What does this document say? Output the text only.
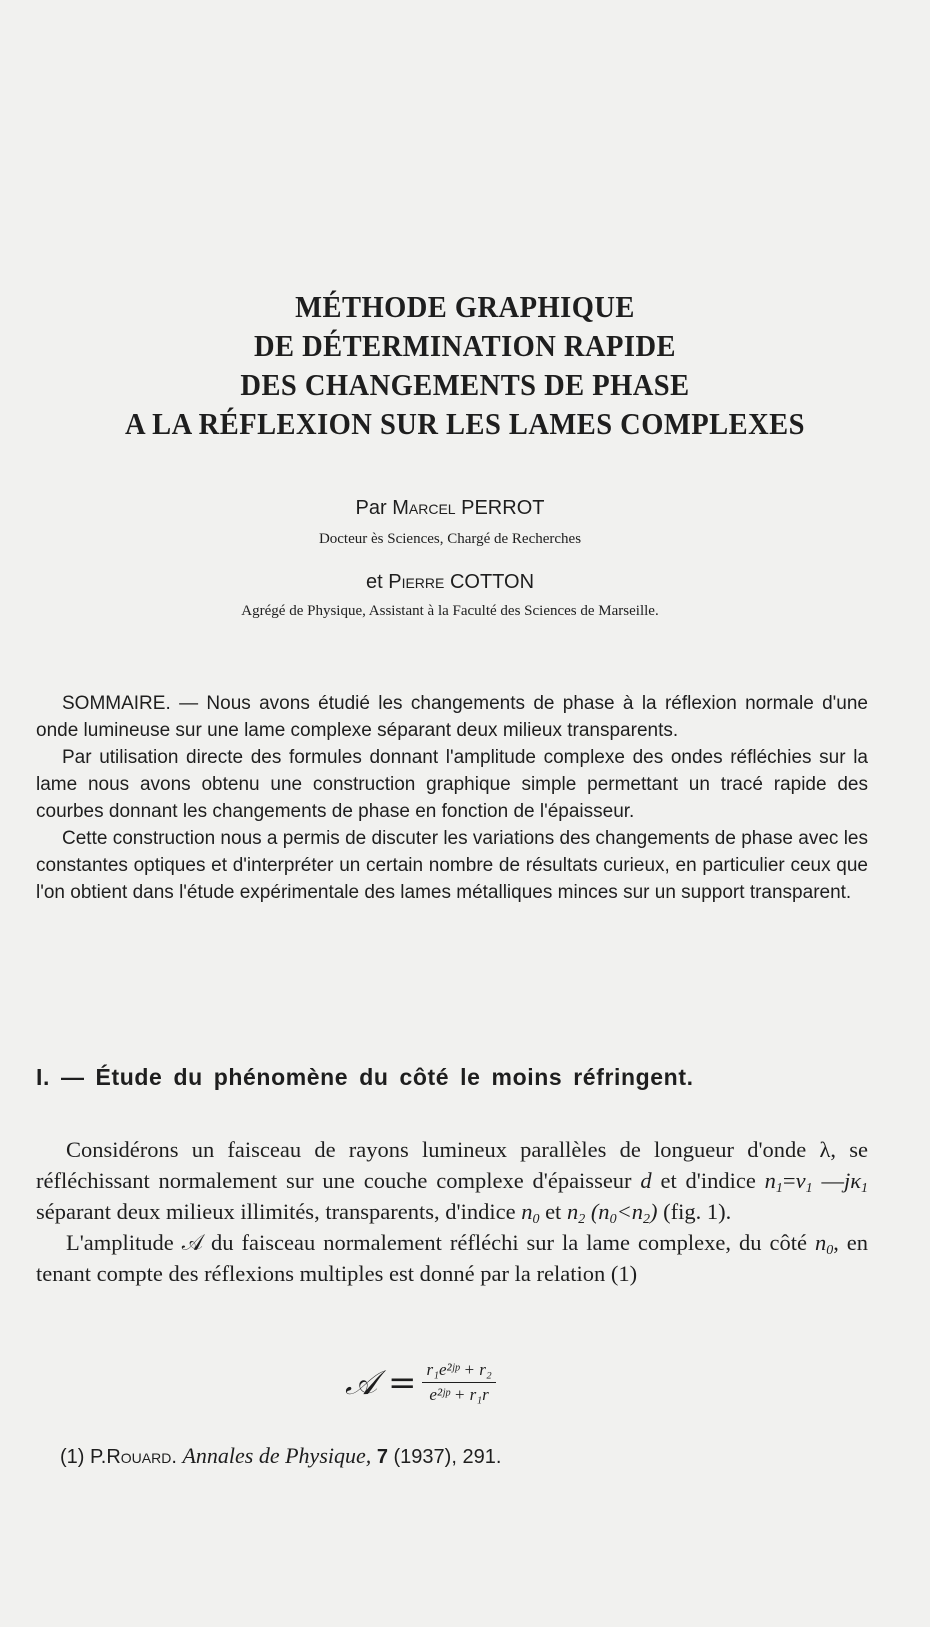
MÉTHODE GRAPHIQUE
DE DÉTERMINATION RAPIDE
DES CHANGEMENTS DE PHASE
A LA RÉFLEXION SUR LES LAMES COMPLEXES
Par Marcel PERROT
Docteur ès Sciences, Chargé de Recherches
et Pierre COTTON
Agrégé de Physique, Assistant à la Faculté des Sciences de Marseille.

SOMMAIRE. — Nous avons étudié les changements de phase à la réflexion normale d'une onde lumineuse sur une lame complexe séparant deux milieux transparents.

Par utilisation directe des formules donnant l'amplitude complexe des ondes réfléchies sur la lame nous avons obtenu une construction graphique simple permettant un tracé rapide des courbes donnant les changements de phase en fonction de l'épaisseur.

Cette construction nous a permis de discuter les variations des changements de phase avec les constantes optiques et d'interpréter un certain nombre de résultats curieux, en particulier ceux que l'on obtient dans l'étude expérimentale des lames métalliques minces sur un support transparent.

I. — Étude du phénomène du côté le moins réfringent.

Considérons un faisceau de rayons lumineux parallèles de longueur d'onde λ, se réfléchissant normalement sur une couche complexe d'épaisseur d et d'indice $n_1=\nu_1$ $—j\kappa_1$ séparant deux milieux illimités, transparents, d'indice $n_0$ et $n_2$ $(n_0<n_2)$ (fig. 1).

L'amplitude 𝒜 du faisceau normalement réfléchi sur la lame complexe, du côté $n_0$, en tenant compte des réflexions multiples est donné par la relation (1)

𝒜 = $\frac{\text{r₁e²ʲᵖ + r₂}}{\text{e²ʲᵖ + r₁r}}$
(1) P.Rouard. Annales de Physique, 7 (1937), 291.
